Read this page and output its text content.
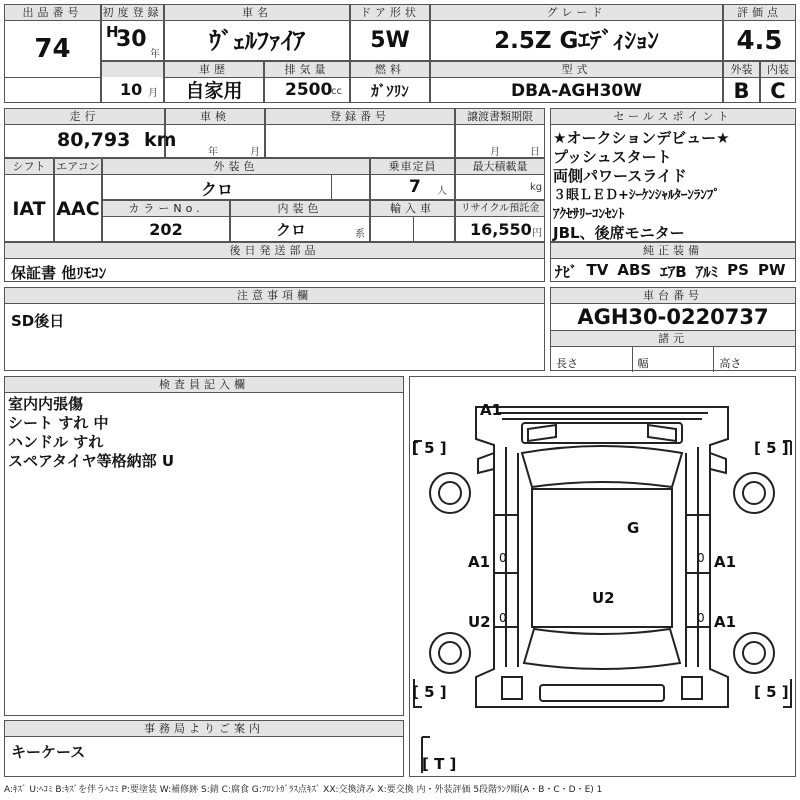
出品番号
74
初度登録
H
30
年
10 月
車名
ｳﾞｪﾙﾌｧｲｱ
ドア形状
5W
グレード
2.5Z Gｴﾃﾞｨｼｮﾝ
評価点
4.5
車歴
自家用
排気量
2500
cc
燃料
ｶﾞｿﾘﾝ
型式
DBA-AGH30W
外装
B
内装
C
走行
80,793 km
車検
年	月
登録番号	譲渡書類期限
月	日
シフト
IAT
エアコン
AAC
外装色
クロ
乗車定員
7 人
最大積載量
kg
カラーNo.
202
内装色
クロ	系
輸入車	リサイクル預託金
16,550 円
後日発送部品
保証書 他ﾘﾓｺﾝ
セールスポイント
★オークションデビュー★
プッシュスタート
両側パワースライド
３眼ＬＥＤ+ｼｰｹﾝｼｬﾙﾀｰﾝﾗﾝﾌﾟ
ｱｸｾｻﾘｰｺﾝｾﾝﾄ
JBL、後席モニター
純正装備
ﾅﾋﾞ TV ABS ｴｱB ｱﾙﾐ PS PW
注意事項欄
SD後日
車台番号
AGH30-0220737
諸元
長さ	幅	高さ
検査員記入欄
室内内張傷
シート すれ 中
ハンドル すれ
スペアタイヤ等格納部 U
事務局よりご案内
キーケース
A1
G
A1
U2
A1
A1
U2
0
0
0
0
[ 5 ]	[ 5 ]
[ 5 ]	[ 5 ]
[ T ]
A:ｷｽﾞ U:ﾍｺﾐ B:ｷｽﾞを伴うﾍｺﾐ P:要塗装 W:補修跡 S:錆 C:腐食 G:ﾌﾛﾝﾄｶﾞﾗｽ点ｷｽﾞ XX:交換済み X:要交換 内・外装評価 5段階ﾗﾝｸ順(A・B・C・D・E) 1
